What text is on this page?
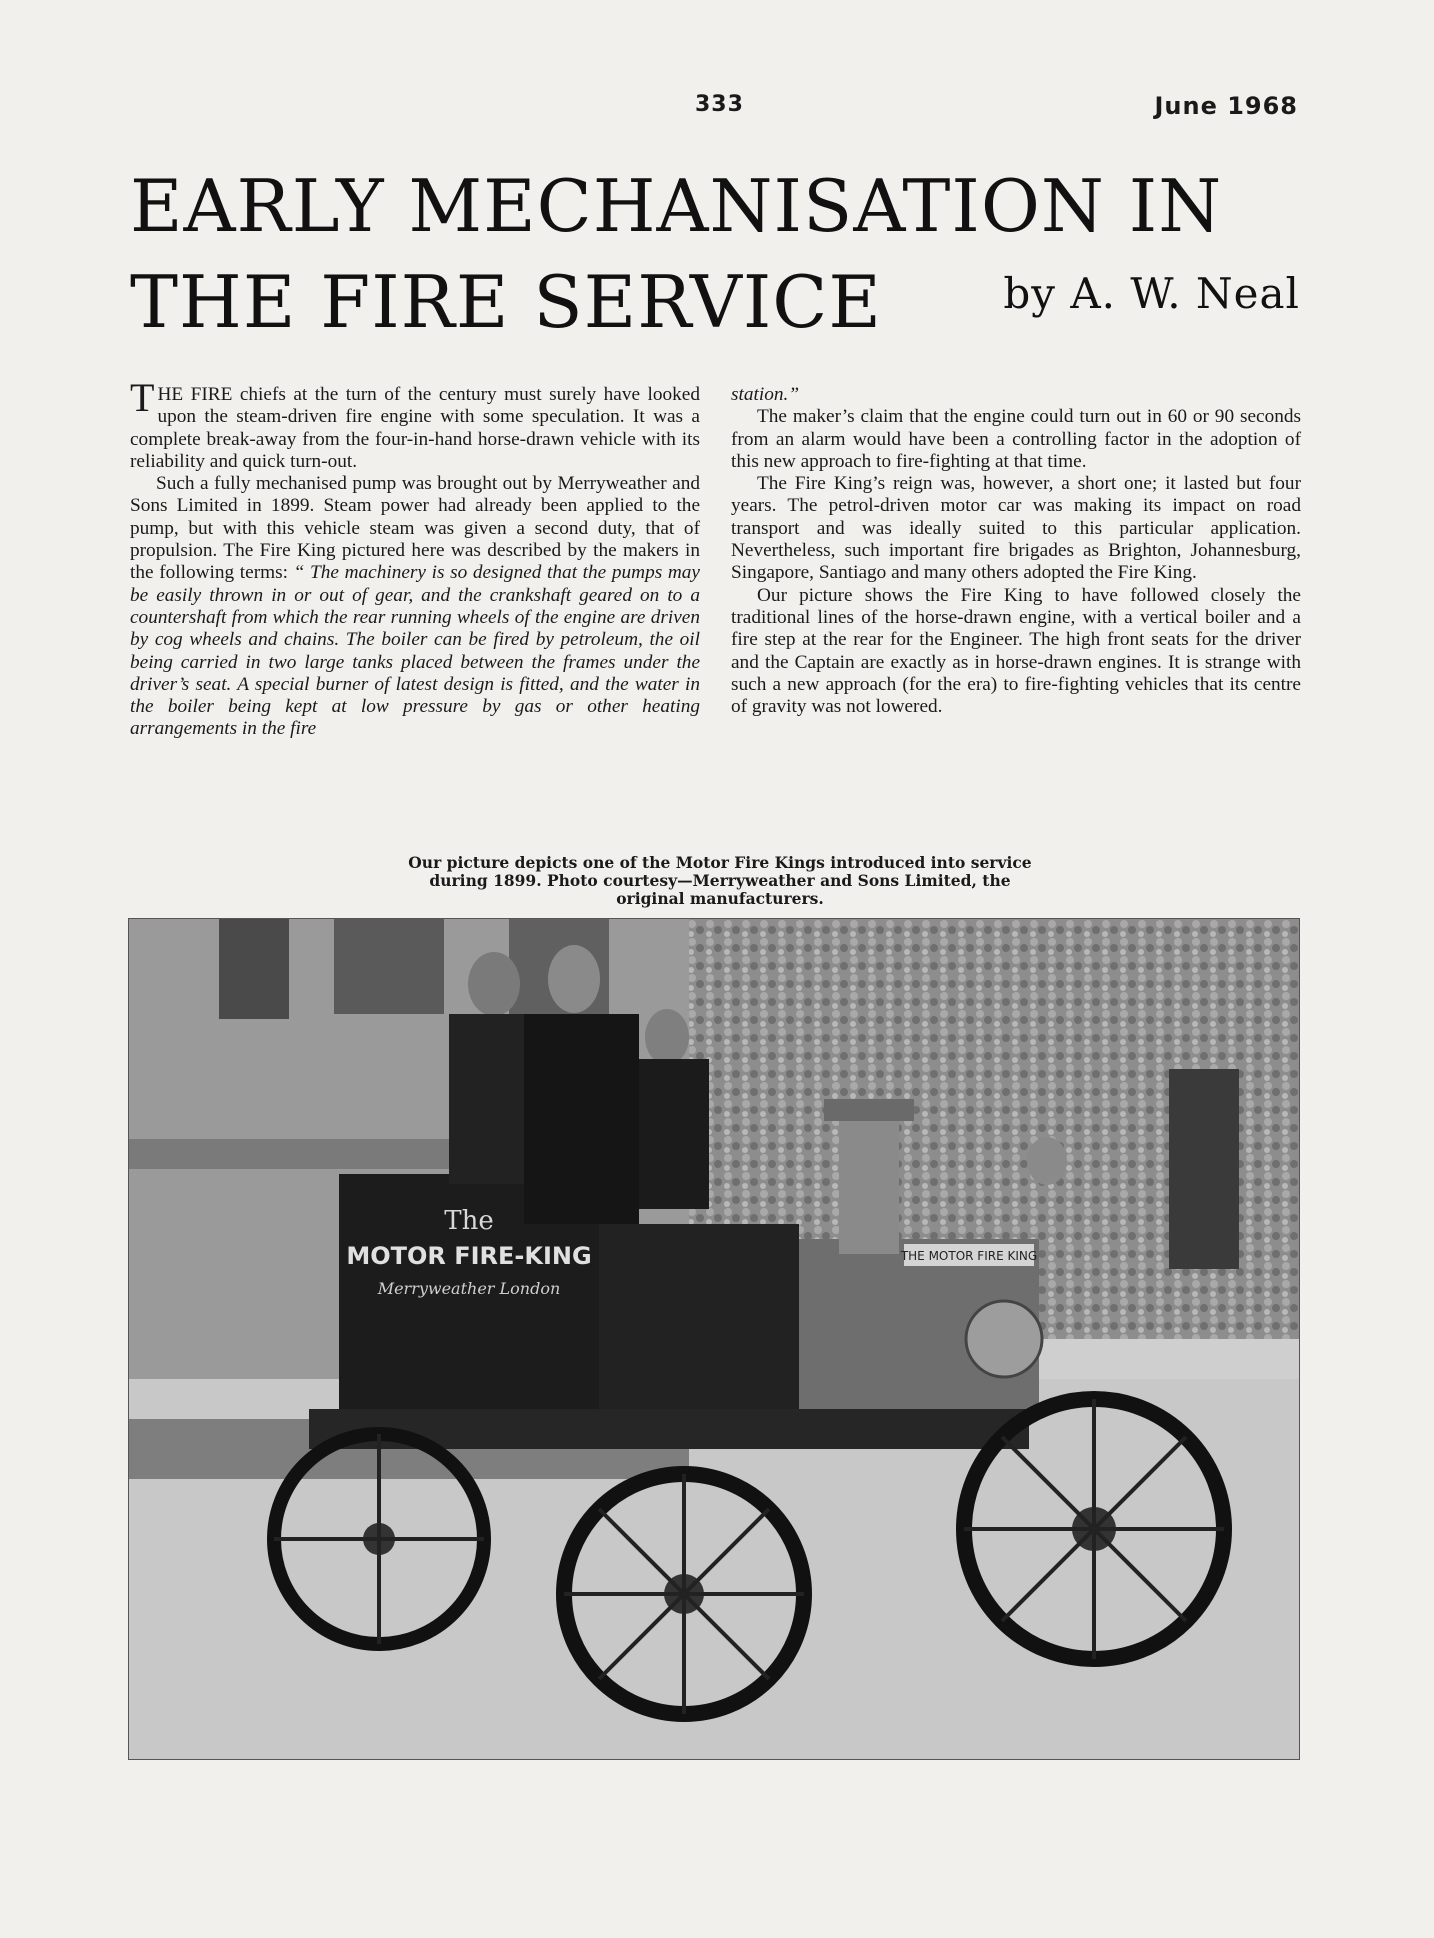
333	June 1968
EARLY MECHANISATION IN
THE FIRE SERVICE	by A. W. Neal

THE FIRE chiefs at the turn of the century must surely have looked upon the steam-driven fire engine with some speculation. It was a complete break-away from the four-in-hand horse-drawn vehicle with its reliability and quick turn-out.

Such a fully mechanised pump was brought out by Merryweather and Sons Limited in 1899. Steam power had already been applied to the pump, but with this vehicle steam was given a second duty, that of propulsion. The Fire King pictured here was described by the makers in the following terms: “ The machinery is so designed that the pumps may be easily thrown in or out of gear, and the crankshaft geared on to a countershaft from which the rear running wheels of the engine are driven by cog wheels and chains. The boiler can be fired by petroleum, the oil being carried in two large tanks placed between the frames under the driver’s seat. A special burner of latest design is fitted, and the water in the boiler being kept at low pressure by gas or other heating arrangements in the fire

station.”

The maker’s claim that the engine could turn out in 60 or 90 seconds from an alarm would have been a controlling factor in the adoption of this new approach to fire-fighting at that time.

The Fire King’s reign was, however, a short one; it lasted but four years. The petrol-driven motor car was making its impact on road transport and was ideally suited to this particular application. Nevertheless, such important fire brigades as Brighton, Johannesburg, Singapore, Santiago and many others adopted the Fire King.

Our picture shows the Fire King to have followed closely the traditional lines of the horse-drawn engine, with a vertical boiler and a fire step at the rear for the Engineer. The high front seats for the driver and the Captain are exactly as in horse-drawn engines. It is strange with such a new approach (for the era) to fire-fighting vehicles that its centre of gravity was not lowered.

Our picture depicts one of the Motor Fire Kings introduced into service during 1899. Photo courtesy—Merryweather and Sons Limited, the original manufacturers.
The
MOTOR FIRE-KING
Merryweather London
THE MOTOR FIRE KING
